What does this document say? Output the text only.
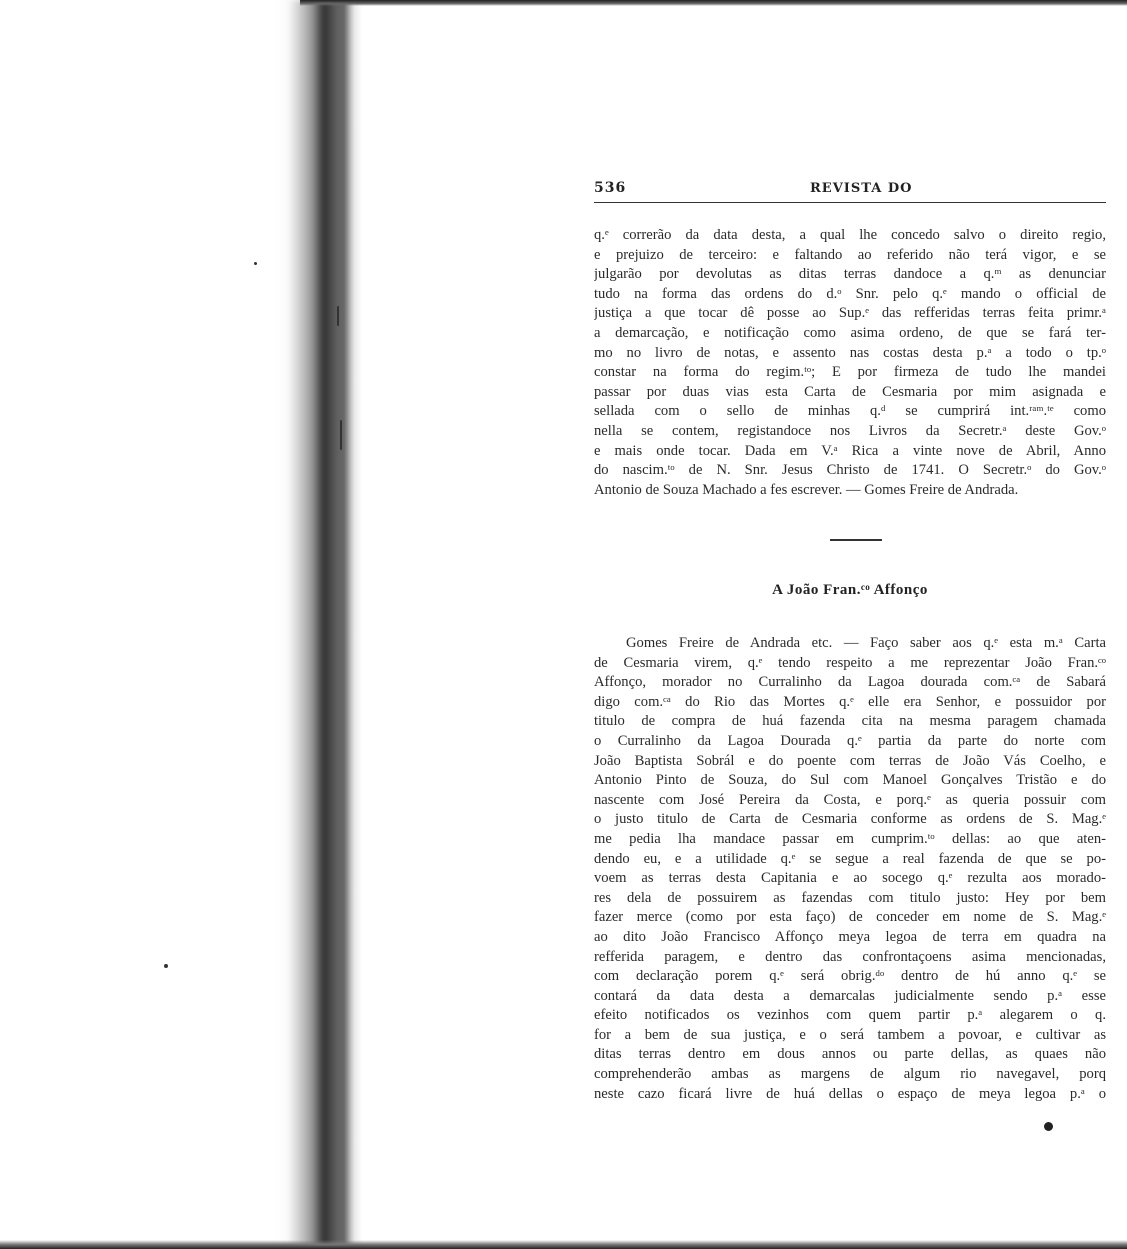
536	REVISTA DO
q.ᵉ correrão da data desta, a qual lhe concedo salvo o direito regio,
e prejuizo de terceiro: e faltando ao referido não terá vigor, e se
julgarão por devolutas as ditas terras dandoce a q.ᵐ as denunciar
tudo na forma das ordens do d.ᵒ Snr. pelo q.ᵉ mando o official de
justiça a que tocar dê posse ao Sup.ᵉ das refferidas terras feita primr.ᵃ
a demarcação, e notificação como asima ordeno, de que se fará ter-
mo no livro de notas, e assento nas costas desta p.ᵃ a todo o tp.ᵒ
constar na forma do regim.ᵗᵒ; E por firmeza de tudo lhe mandei
passar por duas vias esta Carta de Cesmaria por mim asignada e
sellada com o sello de minhas q.ᵈ se cumprirá int.ʳᵃᵐ.ᵗᵉ como
nella se contem, registandoce nos Livros da Secretr.ᵃ deste Gov.ᵒ
e mais onde tocar. Dada em V.ᵃ Rica a vinte nove de Abril, Anno
do nascim.ᵗᵒ de N. Snr. Jesus Christo de 1741. O Secretr.ᵒ do Gov.ᵒ
Antonio de Souza Machado a fes escrever. — Gomes Freire de Andrada.
A João Fran.ᶜᵒ Affonço
Gomes Freire de Andrada etc. — Faço saber aos q.ᵉ esta m.ᵃ Carta
de Cesmaria virem, q.ᵉ tendo respeito a me reprezentar João Fran.ᶜᵒ
Affonço, morador no Curralinho da Lagoa dourada com.ᶜᵃ de Sabará
digo com.ᶜᵃ do Rio das Mortes q.ᵉ elle era Senhor, e possuidor por
titulo de compra de huá fazenda cita na mesma paragem chamada
o Curralinho da Lagoa Dourada q.ᵉ partia da parte do norte com
João Baptista Sobrál e do poente com terras de João Vás Coelho, e
Antonio Pinto de Souza, do Sul com Manoel Gonçalves Tristão e do
nascente com José Pereira da Costa, e porq.ᵉ as queria possuir com
o justo titulo de Carta de Cesmaria conforme as ordens de S. Mag.ᵉ
me pedia lha mandace passar em cumprim.ᵗᵒ dellas: ao que aten-
dendo eu, e a utilidade q.ᵉ se segue a real fazenda de que se po-
voem as terras desta Capitania e ao socego q.ᵉ rezulta aos morado-
res dela de possuirem as fazendas com titulo justo: Hey por bem
fazer merce (como por esta faço) de conceder em nome de S. Mag.ᵉ
ao dito João Francisco Affonço meya legoa de terra em quadra na
refferida paragem, e dentro das confrontaçoens asima mencionadas,
com declaração porem q.ᵉ será obrig.ᵈᵒ dentro de hú anno q.ᵉ se
contará da data desta a demarcalas judicialmente sendo p.ᵃ esse
efeito notificados os vezinhos com quem partir p.ᵃ alegarem o q.
for a bem de sua justiça, e o será tambem a povoar, e cultivar as
ditas terras dentro em dous annos ou parte dellas, as quaes não
comprehenderão ambas as margens de algum rio navegavel, porq
neste cazo ficará livre de huá dellas o espaço de meya legoa p.ᵃ o
